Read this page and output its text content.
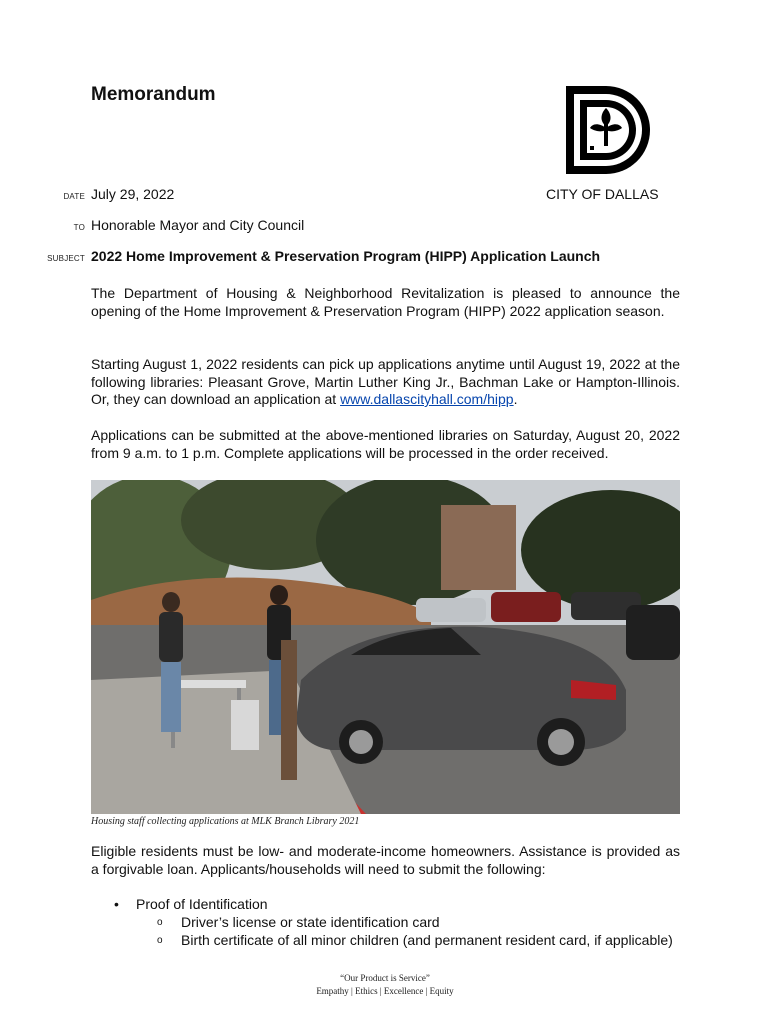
Memorandum
CITY OF DALLAS
DATE July 29, 2022
TO Honorable Mayor and City Council
SUBJECT 2022 Home Improvement & Preservation Program (HIPP) Application Launch
The Department of Housing & Neighborhood Revitalization is pleased to announce the opening of the Home Improvement & Preservation Program (HIPP) 2022 application season.
Starting August 1, 2022 residents can pick up applications anytime until August 19, 2022 at the following libraries: Pleasant Grove, Martin Luther King Jr., Bachman Lake or Hampton-Illinois. Or, they can download an application at www.dallascityhall.com/hipp.
Applications can be submitted at the above-mentioned libraries on Saturday, August 20, 2022 from 9 a.m. to 1 p.m. Complete applications will be processed in the order received.
Housing staff collecting applications at MLK Branch Library 2021
Eligible residents must be low- and moderate-income homeowners. Assistance is provided as a forgivable loan. Applicants/households will need to submit the following:
• Proof of Identification
o Driver’s license or state identification card
o Birth certificate of all minor children (and permanent resident card, if applicable)
“Our Product is Service”
Empathy | Ethics | Excellence | Equity
